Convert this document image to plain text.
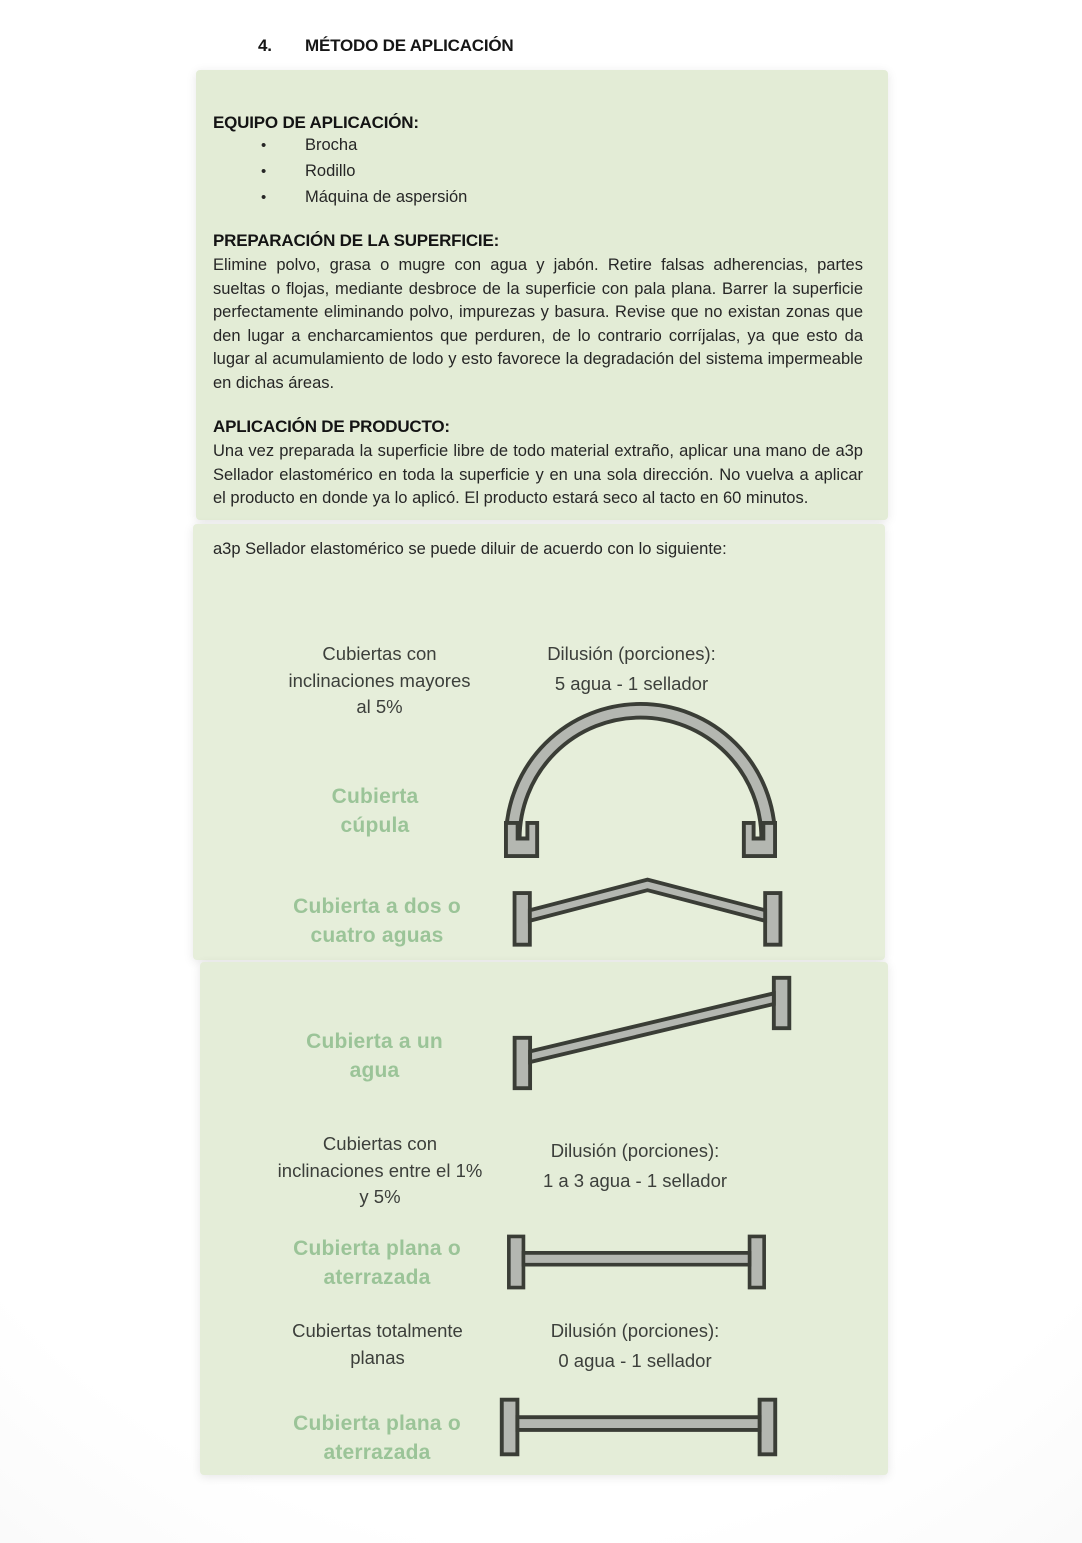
4. MÉTODO DE APLICACIÓN
EQUIPO DE APLICACIÓN:
• Brocha
• Rodillo
• Máquina de aspersión
PREPARACIÓN DE LA SUPERFICIE:
Elimine polvo, grasa o mugre con agua y jabón. Retire falsas adherencias, partes sueltas o flojas, mediante desbroce de la superficie con pala plana. Barrer la superficie perfectamente eliminando polvo, impurezas y basura. Revise que no existan zonas que den lugar a encharcamientos que perduren, de lo contrario corríjalas, ya que esto da lugar al acumulamiento de lodo y esto favorece la degradación del sistema impermeable en dichas áreas.
APLICACIÓN DE PRODUCTO:
Una vez preparada la superficie libre de todo material extraño, aplicar una mano de a3p Sellador elastomérico en toda la superficie y en una sola dirección. No vuelva a aplicar el producto en donde ya lo aplicó. El producto estará seco al tacto en 60 minutos.
a3p Sellador elastomérico se puede diluir de acuerdo con lo siguiente:
Cubiertas con inclinaciones mayores al 5%
Dilusión (porciones):
5 agua - 1 sellador
Cubierta cúpula
Cubierta a dos o cuatro aguas
Cubierta a un agua
Cubiertas con inclinaciones entre el 1% y 5%
Dilusión (porciones):
1 a 3 agua - 1 sellador
Cubierta plana o aterrazada
Cubiertas totalmente planas
Dilusión (porciones):
0 agua - 1 sellador
Cubierta plana o aterrazada
